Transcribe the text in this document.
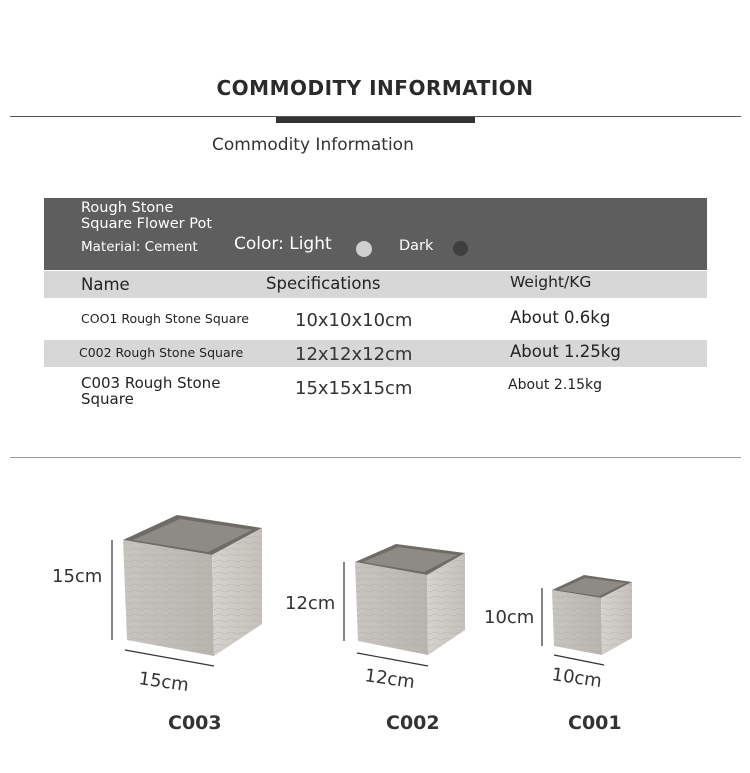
COMMODITY INFORMATION
Commodity Information
Rough Stone
Square Flower Pot
Material: Cement Color: Light	Dark
Name	Specifications	Weight/KG
COO1 Rough Stone Square	10x10x10cm	About 0.6kg
C002 Rough Stone Square	12x12x12cm	About 1.25kg
C003 Rough Stone
Square	15x15x15cm	About 2.15kg
15cm
15cm
C003
12cm
12cm
C002
10cm
10cm
C001
